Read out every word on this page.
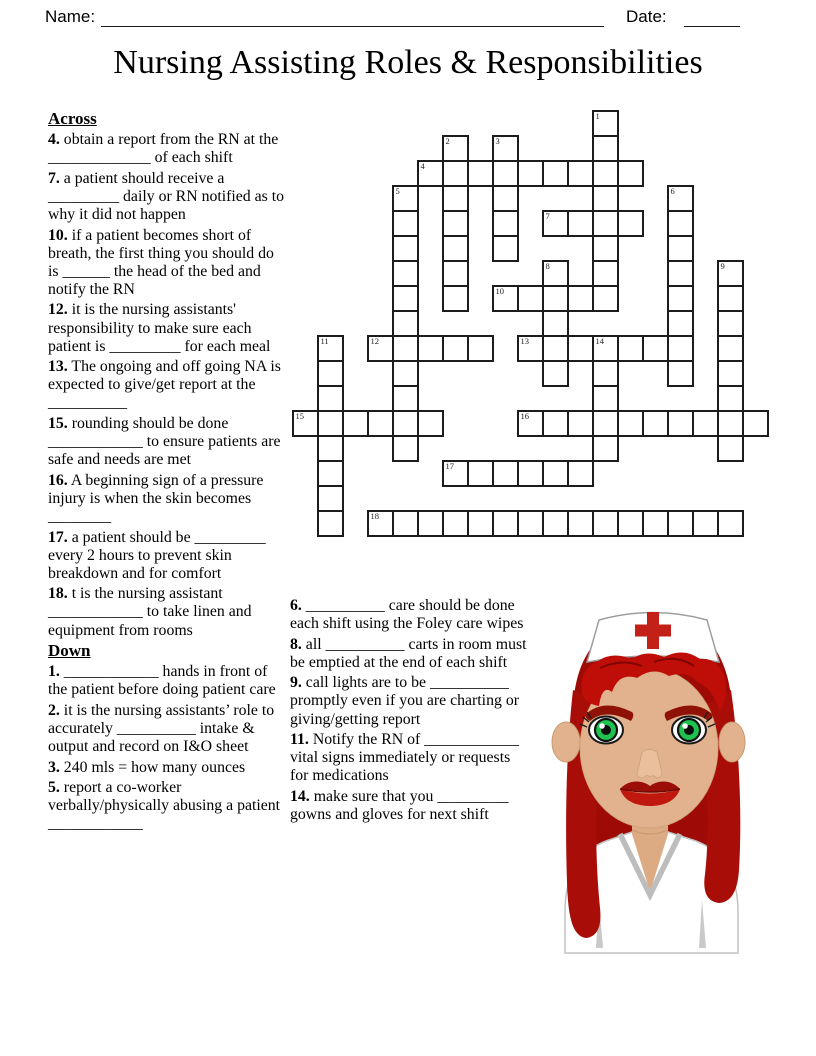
Name:	Date:
Nursing Assisting Roles & Responsibilities

Across

4. obtain a report from the RN at the _____________ of each shift

7. a patient should receive a _________ daily or RN notified as to why it did not happen

10. if a patient becomes short of breath, the first thing you should do is ______ the head of the bed and notify the RN

12. it is the nursing assistants' responsibility to make sure each patient is _________ for each meal

13. The ongoing and off going NA is expected to give/get report at the __________

15. rounding should be done ____________ to ensure patients are safe and needs are met

16. A beginning sign of a pressure injury is when the skin becomes ________

17. a patient should be _________ every 2 hours to prevent skin breakdown and for comfort

18. t is the nursing assistant ____________ to take linen and equipment from rooms

Down

1. ____________ hands in front of the patient before doing patient care

2. it is the nursing assistants’ role to accurately __________ intake & output and record on I&O sheet

3. 240 mls = how many ounces

5. report a co-worker verbally/physically abusing a patient ____________

6. __________ care should be done each shift using the Foley care wipes

8. all __________ carts in room must be emptied at the end of each shift

9. call lights are to be __________ promptly even if you are charting or giving/getting report

11. Notify the RN of ____________ vital signs immediately or requests for medications

14. make sure that you _________ gowns and gloves for next shift

1
2	3
4
5	6
7
8	9
10
11	12	13	14
15	16
17
18
